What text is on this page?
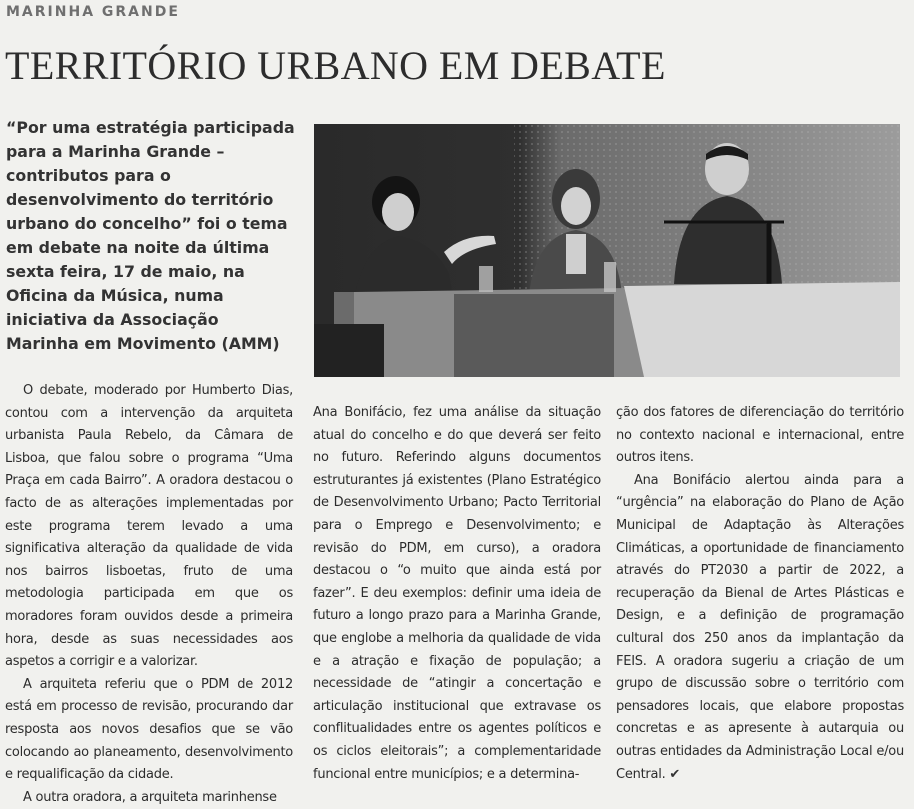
MARINHA GRANDE
TERRITÓRIO URBANO EM DEBATE

“Por uma estratégia participada para a Marinha Grande – contributos para o desenvolvimento do território urbano do concelho” foi o tema em debate na noite da última sexta feira, 17 de maio, na Oficina da Música, numa iniciativa da Associação Marinha em Movimento (AMM)

O debate, moderado por Humberto Dias, contou com a intervenção da arquiteta urbanista Paula Rebelo, da Câmara de Lisboa, que falou sobre o programa “Uma Praça em cada Bairro”. A oradora destacou o facto de as alterações implementadas por este programa terem levado a uma significativa alteração da qualidade de vida nos bairros lisboetas, fruto de uma metodologia participada em que os moradores foram ouvidos desde a primeira hora, desde as suas necessidades aos aspetos a corrigir e a valorizar.

A arquiteta referiu que o PDM de 2012 está em processo de revisão, procurando dar resposta aos novos desafios que se vão colocando ao planeamento, desenvolvimento e requalificação da cidade.

A outra oradora, a arquiteta marinhense

Ana Bonifácio, fez uma análise da situação atual do concelho e do que deverá ser feito no futuro. Referindo alguns documentos estruturantes já existentes (Plano Estratégico de Desenvolvimento Urbano; Pacto Territorial para o Emprego e Desenvolvimento; e revisão do PDM, em curso), a oradora destacou o “o muito que ainda está por fazer”. E deu exemplos: definir uma ideia de futuro a longo prazo para a Marinha Grande, que englobe a melhoria da qualidade de vida e a atração e fixação de população; a necessidade de “atingir a concertação e articulação institucional que extravase os conflitualidades entre os agentes políticos e os ciclos eleitorais”; a complementaridade funcional entre municípios; e a determina-

ção dos fatores de diferenciação do território no contexto nacional e internacional, entre outros itens.

Ana Bonifácio alertou ainda para a “urgência” na elaboração do Plano de Ação Municipal de Adaptação às Alterações Climáticas, a oportunidade de financiamento através do PT2030 a partir de 2022, a recuperação da Bienal de Artes Plásticas e Design, e a definição de programação cultural dos 250 anos da implantação da FEIS. A oradora sugeriu a criação de um grupo de discussão sobre o território com pensadores locais, que elabore propostas concretas e as apresente à autarquia ou outras entidades da Administração Local e/ou Central. ✔
